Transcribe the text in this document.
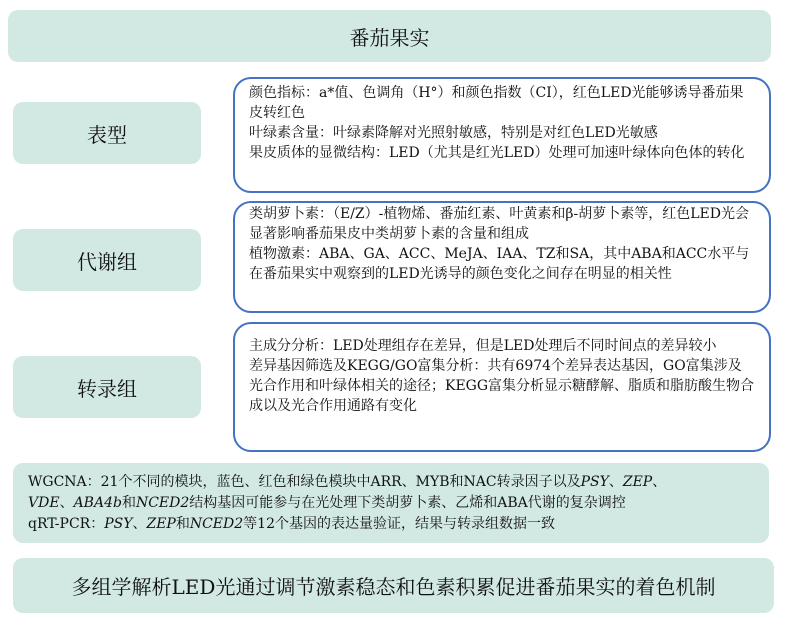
番茄果实
表型

颜色指标：a*值、色调角（H°）和颜色指数（CI），红色LED光能够诱导番茄果皮转红色

叶绿素含量：叶绿素降解对光照射敏感，特别是对红色LED光敏感

果皮质体的显微结构：LED（尤其是红光LED）处理可加速叶绿体向色体的转化

代谢组

类胡萝卜素：（E/Z）-植物烯、番茄红素、叶黄素和β-胡萝卜素等，红色LED光会显著影响番茄果皮中类胡萝卜素的含量和组成

植物激素：ABA、GA、ACC、MeJA、IAA、TZ和SA，其中ABA和ACC水平与在番茄果实中观察到的LED光诱导的颜色变化之间存在明显的相关性

转录组

主成分分析：LED处理组存在差异，但是LED处理后不同时间点的差异较小

差异基因筛选及KEGG/GO富集分析：共有6974个差异表达基因，GO富集涉及光合作用和叶绿体相关的途径；KEGG富集分析显示糖酵解、脂质和脂肪酸生物合成以及光合作用通路有变化

WGCNA：21个不同的模块，蓝色、红色和绿色模块中ARR、MYB和NAC转录因子以及PSY、ZEP、

VDE、ABA4b和NCED2结构基因可能参与在光处理下类胡萝卜素、乙烯和ABA代谢的复杂调控

qRT-PCR：PSY、ZEP和NCED2等12个基因的表达量验证，结果与转录组数据一致

多组学解析LED光通过调节激素稳态和色素积累促进番茄果实的着色机制
